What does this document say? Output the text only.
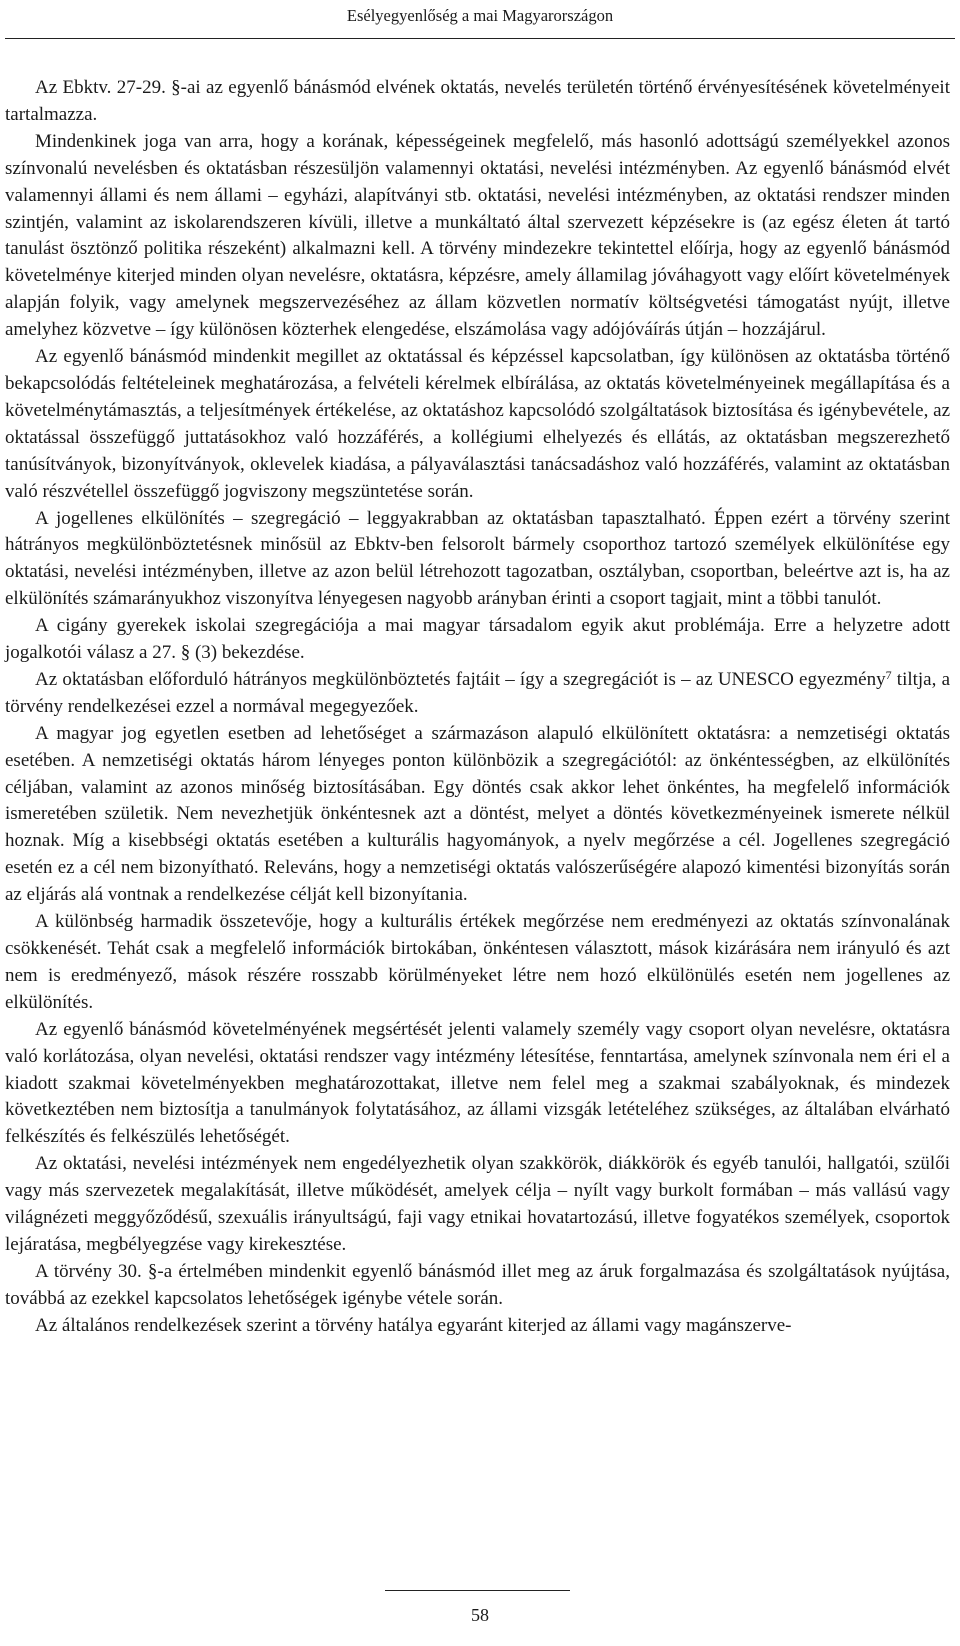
Esélyegyenlőség a mai Magyarországon

Az Ebktv. 27-29. §-ai az egyenlő bánásmód elvének oktatás, nevelés területén történő érvényesítésének követelményeit tartalmazza.

Mindenkinek joga van arra, hogy a korának, képességeinek megfelelő, más hasonló adottságú személyekkel azonos színvonalú nevelésben és oktatásban részesüljön valamennyi oktatási, nevelési intézményben. Az egyenlő bánásmód elvét valamennyi állami és nem állami – egyházi, alapítványi stb. oktatási, nevelési intézményben, az oktatási rendszer minden szintjén, valamint az iskolarendszeren kívüli, illetve a munkáltató által szervezett képzésekre is (az egész életen át tartó tanulást ösztönző politika részeként) alkalmazni kell. A törvény mindezekre tekintettel előírja, hogy az egyenlő bánásmód követelménye kiterjed minden olyan nevelésre, oktatásra, képzésre, amely államilag jóváhagyott vagy előírt követelmények alapján folyik, vagy amelynek megszervezéséhez az állam közvetlen normatív költségvetési támogatást nyújt, illetve amelyhez közvetve – így különösen közterhek elengedése, elszámolása vagy adójóváírás útján – hozzájárul.

Az egyenlő bánásmód mindenkit megillet az oktatással és képzéssel kapcsolatban, így különösen az oktatásba történő bekapcsolódás feltételeinek meghatározása, a felvételi kérelmek elbírálása, az oktatás követelményeinek megállapítása és a követelménytámasztás, a teljesítmények értékelése, az oktatáshoz kapcsolódó szolgáltatások biztosítása és igénybevétele, az oktatással összefüggő juttatásokhoz való hozzáférés, a kollégiumi elhelyezés és ellátás, az oktatásban megszerezhető tanúsítványok, bizonyítványok, oklevelek kiadása, a pályaválasztási tanácsadáshoz való hozzáférés, valamint az oktatásban való részvétellel összefüggő jogviszony megszüntetése során.

A jogellenes elkülönítés – szegregáció – leggyakrabban az oktatásban tapasztalható. Éppen ezért a törvény szerint hátrányos megkülönböztetésnek minősül az Ebktv-ben felsorolt bármely csoporthoz tartozó személyek elkülönítése egy oktatási, nevelési intézményben, illetve az azon belül létrehozott tagozatban, osztályban, csoportban, beleértve azt is, ha az elkülönítés számarányukhoz viszonyítva lényegesen nagyobb arányban érinti a csoport tagjait, mint a többi tanulót.

A cigány gyerekek iskolai szegregációja a mai magyar társadalom egyik akut problémája. Erre a helyzetre adott jogalkotói válasz a 27. § (3) bekezdése.

Az oktatásban előforduló hátrányos megkülönböztetés fajtáit – így a szegregációt is – az UNESCO egyezmény$^7$ tiltja, a törvény rendelkezései ezzel a normával megegyezőek.

A magyar jog egyetlen esetben ad lehetőséget a származáson alapuló elkülönített oktatásra: a nemzetiségi oktatás esetében. A nemzetiségi oktatás három lényeges ponton különbözik a szegregációtól: az önkéntességben, az elkülönítés céljában, valamint az azonos minőség biztosításában. Egy döntés csak akkor lehet önkéntes, ha megfelelő információk ismeretében születik. Nem nevezhetjük önkéntesnek azt a döntést, melyet a döntés következményeinek ismerete nélkül hoznak. Míg a kisebbségi oktatás esetében a kulturális hagyományok, a nyelv megőrzése a cél. Jogellenes szegregáció esetén ez a cél nem bizonyítható. Releváns, hogy a nemzetiségi oktatás valószerűségére alapozó kimentési bizonyítás során az eljárás alá vontnak a rendelkezése célját kell bizonyítania.

A különbség harmadik összetevője, hogy a kulturális értékek megőrzése nem eredményezi az oktatás színvonalának csökkenését. Tehát csak a megfelelő információk birtokában, önkéntesen választott, mások kizárására nem irányuló és azt nem is eredményező, mások részére rosszabb körülményeket létre nem hozó elkülönülés esetén nem jogellenes az elkülönítés.

Az egyenlő bánásmód követelményének megsértését jelenti valamely személy vagy csoport olyan nevelésre, oktatásra való korlátozása, olyan nevelési, oktatási rendszer vagy intézmény létesítése, fenntartása, amelynek színvonala nem éri el a kiadott szakmai követelményekben meghatározottakat, illetve nem felel meg a szakmai szabályoknak, és mindezek következtében nem biztosítja a tanulmányok folytatásához, az állami vizsgák letételéhez szükséges, az általában elvárható felkészítés és felkészülés lehetőségét.

Az oktatási, nevelési intézmények nem engedélyezhetik olyan szakkörök, diákkörök és egyéb tanulói, hallgatói, szülői vagy más szervezetek megalakítását, illetve működését, amelyek célja – nyílt vagy burkolt formában – más vallású vagy világnézeti meggyőződésű, szexuális irányultságú, faji vagy etnikai hovatartozású, illetve fogyatékos személyek, csoportok lejáratása, megbélyegzése vagy kirekesztése.

A törvény 30. §-a értelmében mindenkit egyenlő bánásmód illet meg az áruk forgalmazása és szolgáltatások nyújtása, továbbá az ezekkel kapcsolatos lehetőségek igénybe vétele során.

Az általános rendelkezések szerint a törvény hatálya egyaránt kiterjed az állami vagy magánszerve-

58
